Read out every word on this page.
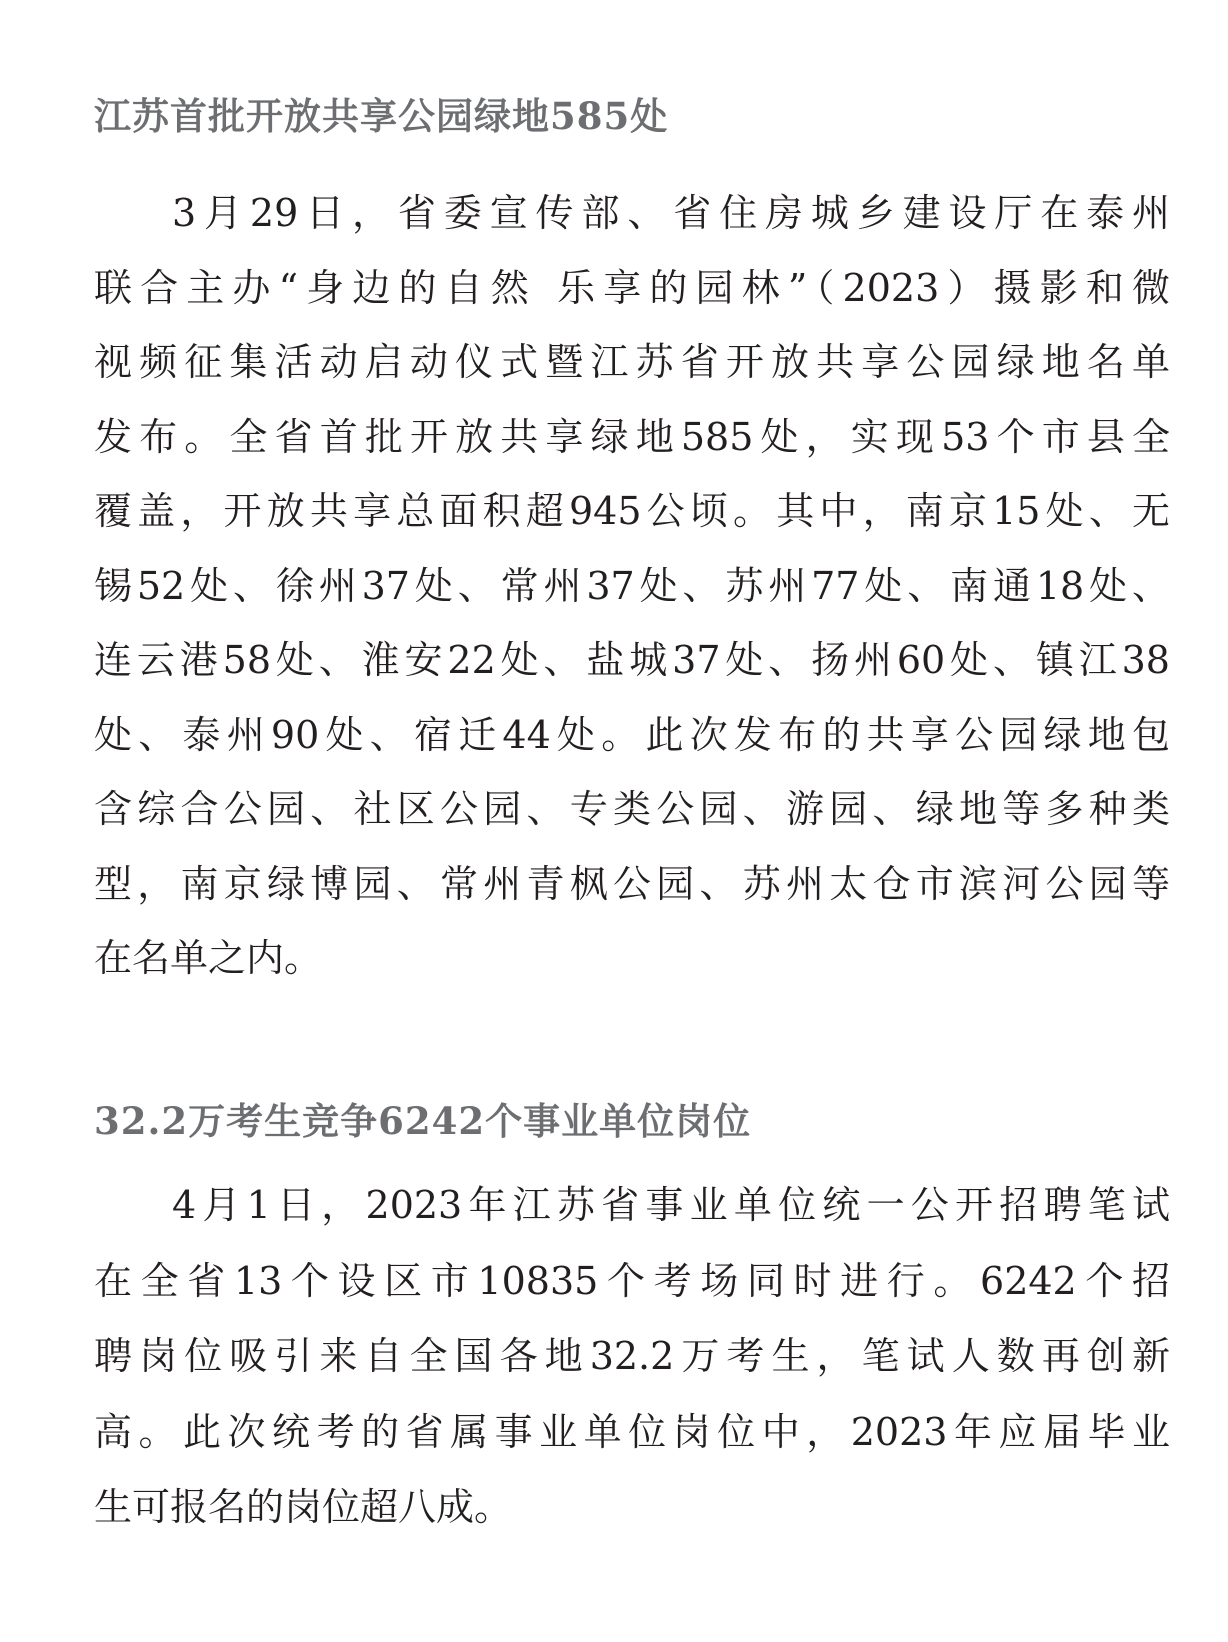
江苏首批开放共享公园绿地585处
3月29日，省委宣传部、省住房城乡建设厅在泰州
联合主办“身边的自然 乐享的园林”（2023）摄影和微
视频征集活动启动仪式暨江苏省开放共享公园绿地名单
发布。全省首批开放共享绿地585处，实现53个市县全
覆盖，开放共享总面积超945公顷。其中，南京15处、无
锡52处、徐州37处、常州37处、苏州77处、南通18处、
连云港58处、淮安22处、盐城37处、扬州60处、镇江38
处、泰州90处、宿迁44处。此次发布的共享公园绿地包
含综合公园、社区公园、专类公园、游园、绿地等多种类
型，南京绿博园、常州青枫公园、苏州太仓市滨河公园等
在名单之内。
32.2万考生竞争6242个事业单位岗位
4月1日，2023年江苏省事业单位统一公开招聘笔试
在全省13个设区市10835个考场同时进行。6242个招
聘岗位吸引来自全国各地32.2万考生，笔试人数再创新
高。此次统考的省属事业单位岗位中，2023年应届毕业
生可报名的岗位超八成。
